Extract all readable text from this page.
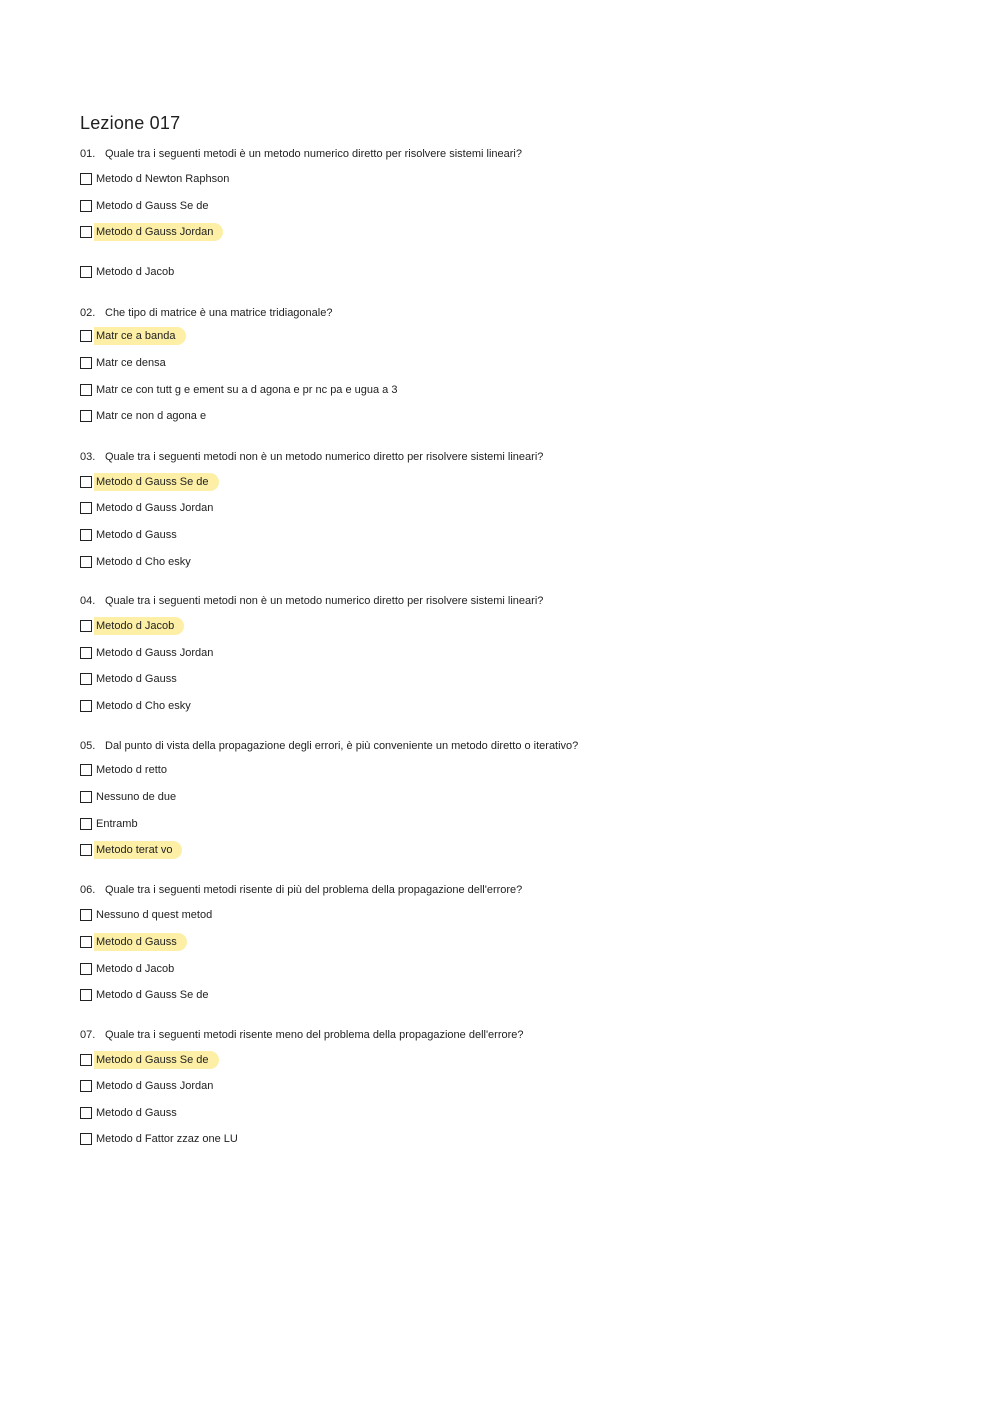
Lezione 017
01. Quale tra i seguenti metodi è un metodo numerico diretto per risolvere sistemi lineari?
Metodo d Newton Raphson
Metodo d Gauss Se de
Metodo d Gauss Jordan
Metodo d Jacob
02. Che tipo di matrice è una matrice tridiagonale?
Matr ce a banda
Matr ce densa
Matr ce con tutt g e ement su a d agona e pr nc pa e ugua a 3
Matr ce non d agona e
03. Quale tra i seguenti metodi non è un metodo numerico diretto per risolvere sistemi lineari?
Metodo d Gauss Se de
Metodo d Gauss Jordan
Metodo d Gauss
Metodo d Cho esky
04. Quale tra i seguenti metodi non è un metodo numerico diretto per risolvere sistemi lineari?
Metodo d Jacob
Metodo d Gauss Jordan
Metodo d Gauss
Metodo d Cho esky
05. Dal punto di vista della propagazione degli errori, è più conveniente un metodo diretto o iterativo?
Metodo d retto
Nessuno de due
Entramb
Metodo terat vo
06. Quale tra i seguenti metodi risente di più del problema della propagazione dell'errore?
Nessuno d quest metod
Metodo d Gauss
Metodo d Jacob
Metodo d Gauss Se de
07. Quale tra i seguenti metodi risente meno del problema della propagazione dell'errore?
Metodo d Gauss Se de
Metodo d Gauss Jordan
Metodo d Gauss
Metodo d Fattor zzaz one LU
